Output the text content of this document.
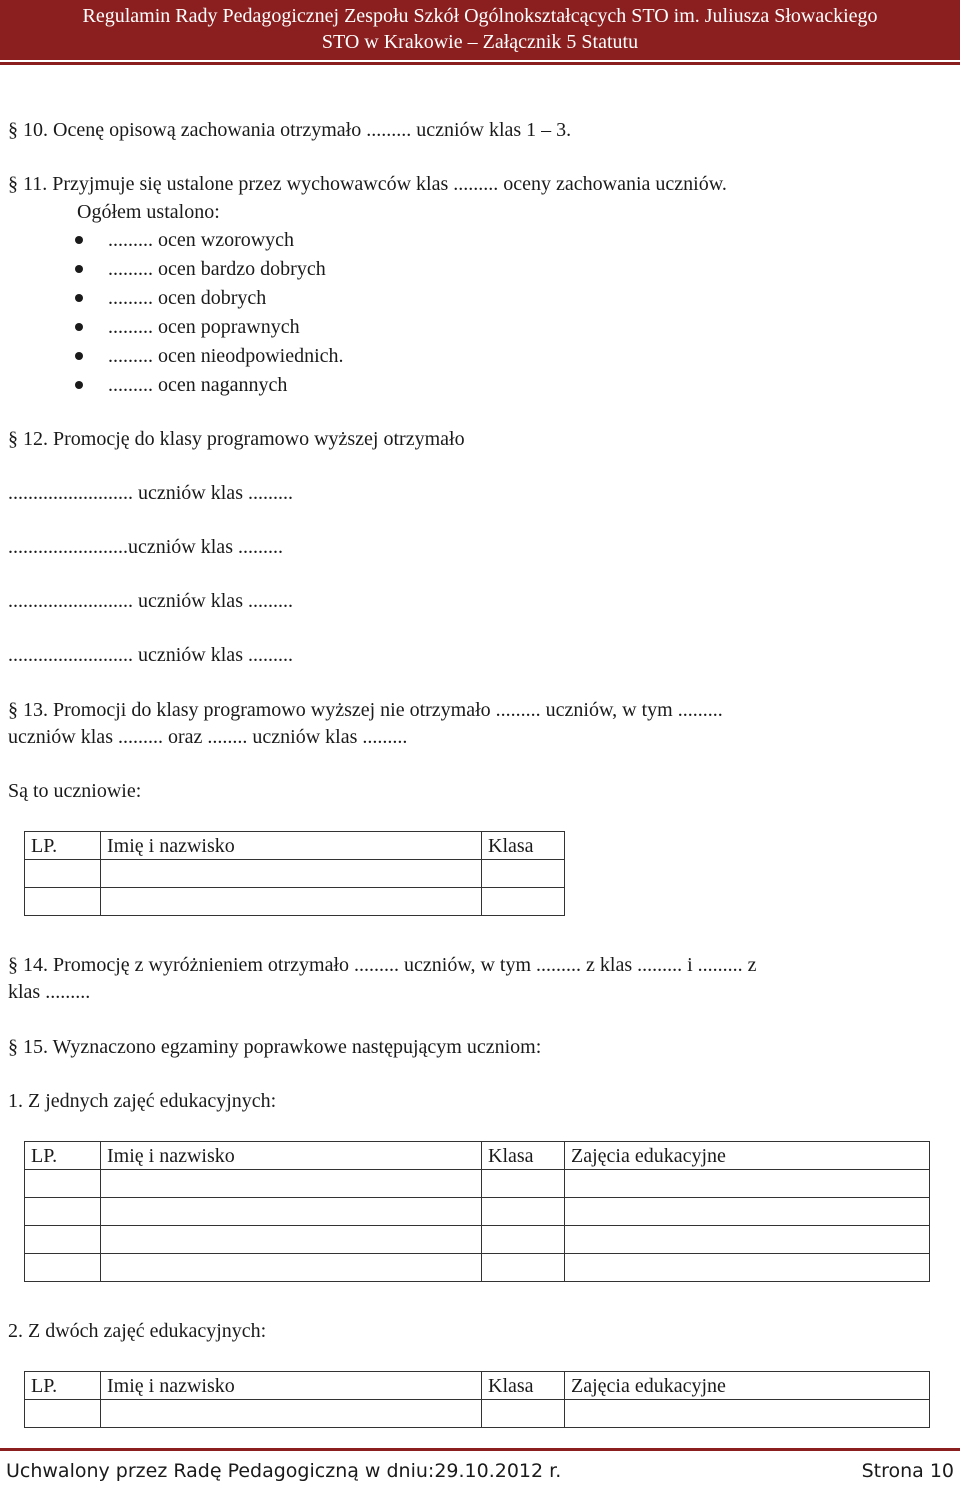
Regulamin Rady Pedagogicznej Zespołu Szkół Ogólnokształcących STO im. Juliusza Słowackiego
STO w Krakowie – Załącznik 5 Statutu
§ 10. Ocenę opisową zachowania otrzymało ......... uczniów klas 1 – 3.
§ 11. Przyjmuje się ustalone przez wychowawców klas ......... oceny zachowania uczniów.
Ogółem ustalono:
......... ocen wzorowych
......... ocen bardzo dobrych
......... ocen dobrych
......... ocen poprawnych
......... ocen nieodpowiednich.
......... ocen nagannych
§ 12. Promocję do klasy programowo wyższej otrzymało
......................... uczniów klas .........
........................uczniów klas .........
......................... uczniów klas .........
......................... uczniów klas .........
§ 13. Promocji do klasy programowo wyższej nie otrzymało ......... uczniów, w tym .........
uczniów klas ......... oraz ........ uczniów klas .........
Są to uczniowie:
LP.	Imię i nazwisko	Klasa

§ 14. Promocję z wyróżnieniem otrzymało ......... uczniów, w tym ......... z klas ......... i ......... z
klas .........
§ 15. Wyznaczono egzaminy poprawkowe następującym uczniom:
1. Z jednych zajęć edukacyjnych:
LP.	Imię i nazwisko	Klasa	Zajęcia edukacyjne

2. Z dwóch zajęć edukacyjnych:
LP.	Imię i nazwisko	Klasa	Zajęcia edukacyjne

Uchwalony przez Radę Pedagogiczną w dniu:29.10.2012 r.	Strona 10
